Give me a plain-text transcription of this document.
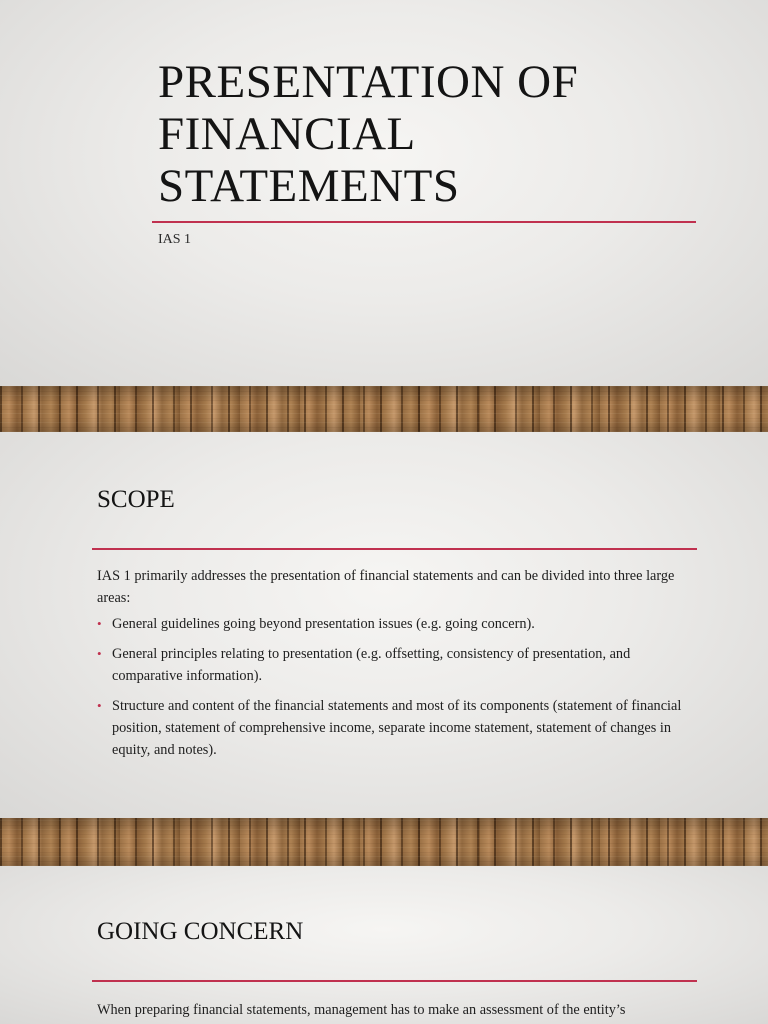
PRESENTATION OF FINANCIAL STATEMENTS
IAS 1
SCOPE

IAS 1 primarily addresses the presentation of financial statements and can be divided into three large areas:

• General guidelines going beyond presentation issues (e.g. going concern).
• General principles relating to presentation (e.g. offsetting, consistency of presentation, and comparative information).
• Structure and content of the financial statements and most of its components (statement of financial position, statement of comprehensive income, separate income statement, statement of changes in equity, and notes).
GOING CONCERN

When preparing financial statements, management has to make an assessment of the entity’s
